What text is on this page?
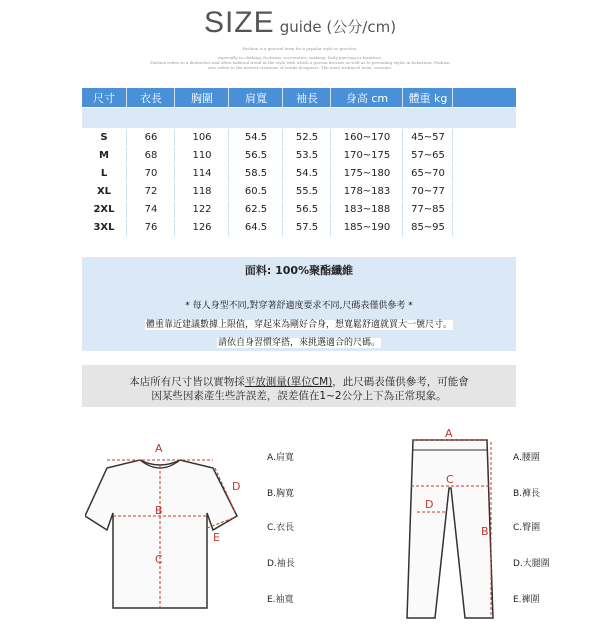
SIZE guide (公分/cm)
Fashion is a general term for a popular style or practice,
especially in clothing, footwear, accessories, makeup, body piercing or furniture.
Fashion refers to a distinctive and often habitual trend in the style with which a person dresses as well as to prevailing styles in behaviour. Fashion
also refers to the newest creations of textile designers. The more technical term, costume.
尺寸	衣長	胸圍	肩寬	袖長	身高 cm	體重 kg
S	66	106	54.5	52.5	160~170	45~57
M	68	110	56.5	53.5	170~175	57~65
L	70	114	58.5	54.5	175~180	65~70
XL	72	118	60.5	55.5	178~183	70~77
2XL	74	122	62.5	56.5	183~188	77~85
3XL	76	126	64.5	57.5	185~190	85~95
面料: 100%聚酯纖維
* 每人身型不同,對穿著舒適度要求不同,尺碼表僅供參考 *
體重靠近建議數據上限值，穿起來為剛好合身，想寬鬆舒適就買大一號尺寸。
請依自身習慣穿搭，來挑選適合的尺碼。
本店所有尺寸皆以實物採平放測量(單位CM)，此尺碼表僅供參考，可能會
因某些因素產生些許誤差，誤差值在1~2公分上下為正常現象。
A
B
C
D
E
A.肩寬
B.胸寬
C.衣長
D.袖長
E.袖寬
A
B
C
D
A.腰圍
B.褲長
C.臀圍
D.大腿圍
E.褲圍
